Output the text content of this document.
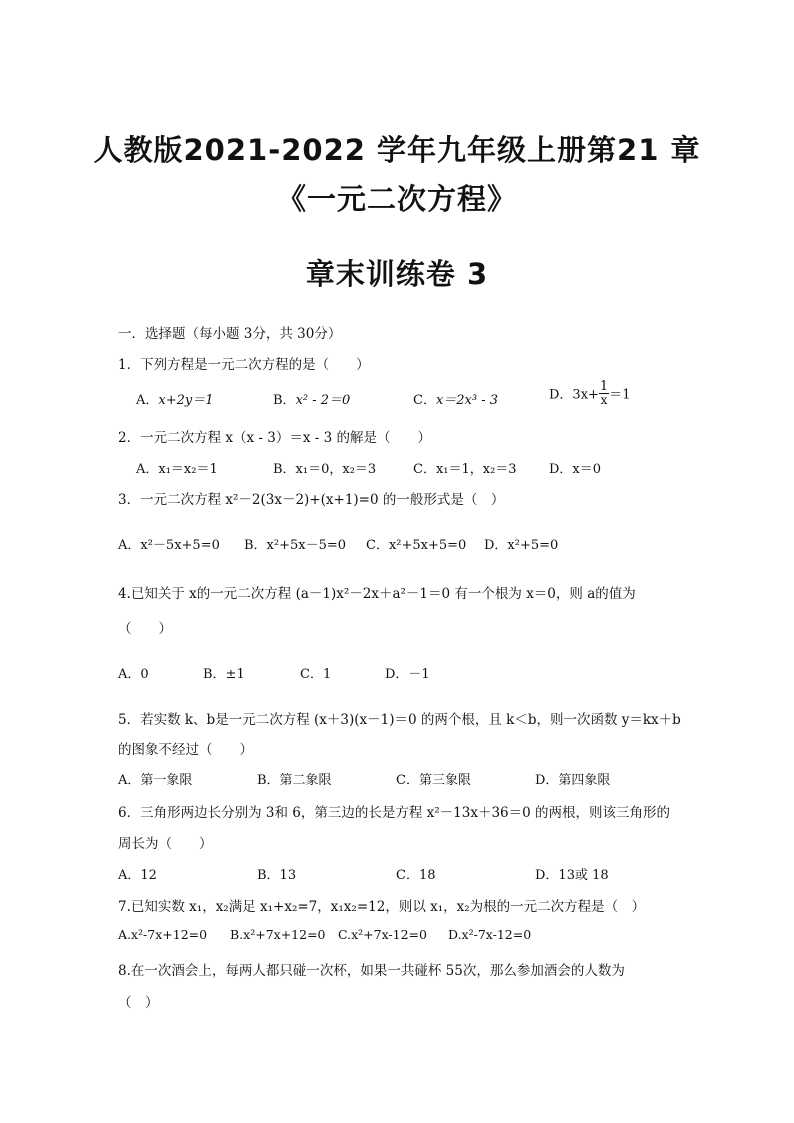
人教版2021-2022 学年九年级上册第21 章
《一元二次方程》
章末训练卷 3
一．选择题（每小题 3分，共 30分）
1．下列方程是一元二次方程的是（　　）
A．x+2y＝1	B．x² - 2＝0	C．x＝2x³ - 3	D．$3x+ \frac{1}{x} =1$
2．一元二次方程 x（x - 3）＝x - 3 的解是（　　）
A．x₁＝x₂＝1	B．x₁＝0，x₂＝3	C．x₁＝1，x₂＝3 D．x＝0
3．一元二次方程 x²－2(3x－2)+(x+1)=0 的一般形式是（　）
A．x²－5x+5=0 B．x²+5x－5=0 C．x²+5x+5=0 D．x²+5=0
4.已知关于 x的一元二次方程 (a－1)x²－2x＋a²－1＝0 有一个根为 x＝0，则 a的值为
（　　）
A．0	B．±1	C．1	D．－1
5．若实数 k、b是一元二次方程 (x＋3)(x－1)＝0 的两个根，且 k＜b，则一次函数 y＝kx＋b
的图象不经过（　　）
A．第一象限	B．第二象限	C．第三象限	D．第四象限
6．三角形两边长分别为 3和 6，第三边的长是方程 x²－13x＋36＝0 的两根，则该三角形的
周长为（　　）
A．12	B．13	C．18	D．13或 18
7.已知实数 x₁，x₂满足 x₁+x₂=7，x₁x₂=12，则以 x₁，x₂为根的一元二次方程是（　）
A.x²-7x+12=0 B.x²+7x+12=0 C.x²+7x-12=0 D.x²-7x-12=0
8.在一次酒会上，每两人都只碰一次杯，如果一共碰杯 55次，那么参加酒会的人数为
（　）
